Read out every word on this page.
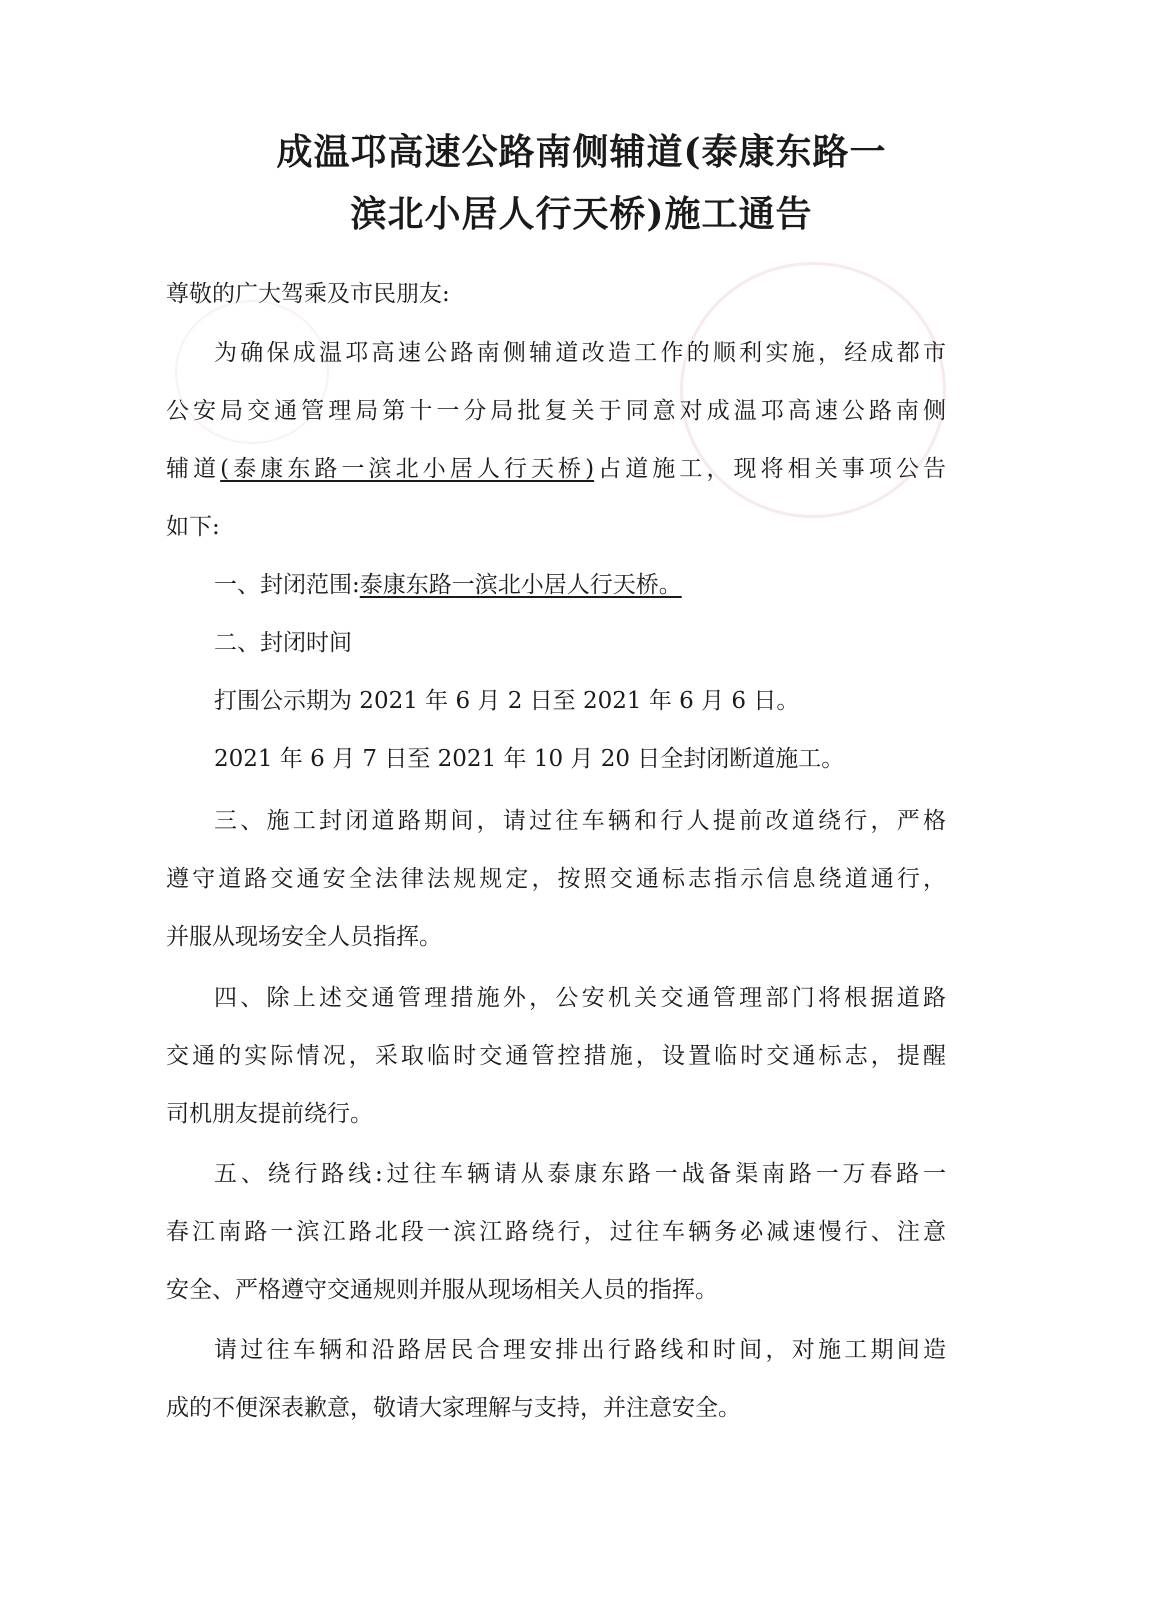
成温邛高速公路南侧辅道(泰康东路一
滨北小居人行天桥)施工通告

尊敬的广大驾乘及市民朋友:

为确保成温邛高速公路南侧辅道改造工作的顺利实施，经成都市

公安局交通管理局第十一分局批复关于同意对成温邛高速公路南侧

辅道(泰康东路一滨北小居人行天桥)占道施工，现将相关事项公告

如下:

一、封闭范围:泰康东路一滨北小居人行天桥。

二、封闭时间

打围公示期为 2021 年 6 月 2 日至 2021 年 6 月 6 日。

2021 年 6 月 7 日至 2021 年 10 月 20 日全封闭断道施工。

三、施工封闭道路期间，请过往车辆和行人提前改道绕行，严格

遵守道路交通安全法律法规规定，按照交通标志指示信息绕道通行，

并服从现场安全人员指挥。

四、除上述交通管理措施外，公安机关交通管理部门将根据道路

交通的实际情况，采取临时交通管控措施，设置临时交通标志，提醒

司机朋友提前绕行。

五、绕行路线:过往车辆请从泰康东路一战备渠南路一万春路一

春江南路一滨江路北段一滨江路绕行，过往车辆务必减速慢行、注意

安全、严格遵守交通规则并服从现场相关人员的指挥。

请过往车辆和沿路居民合理安排出行路线和时间，对施工期间造

成的不便深表歉意，敬请大家理解与支持，并注意安全。
